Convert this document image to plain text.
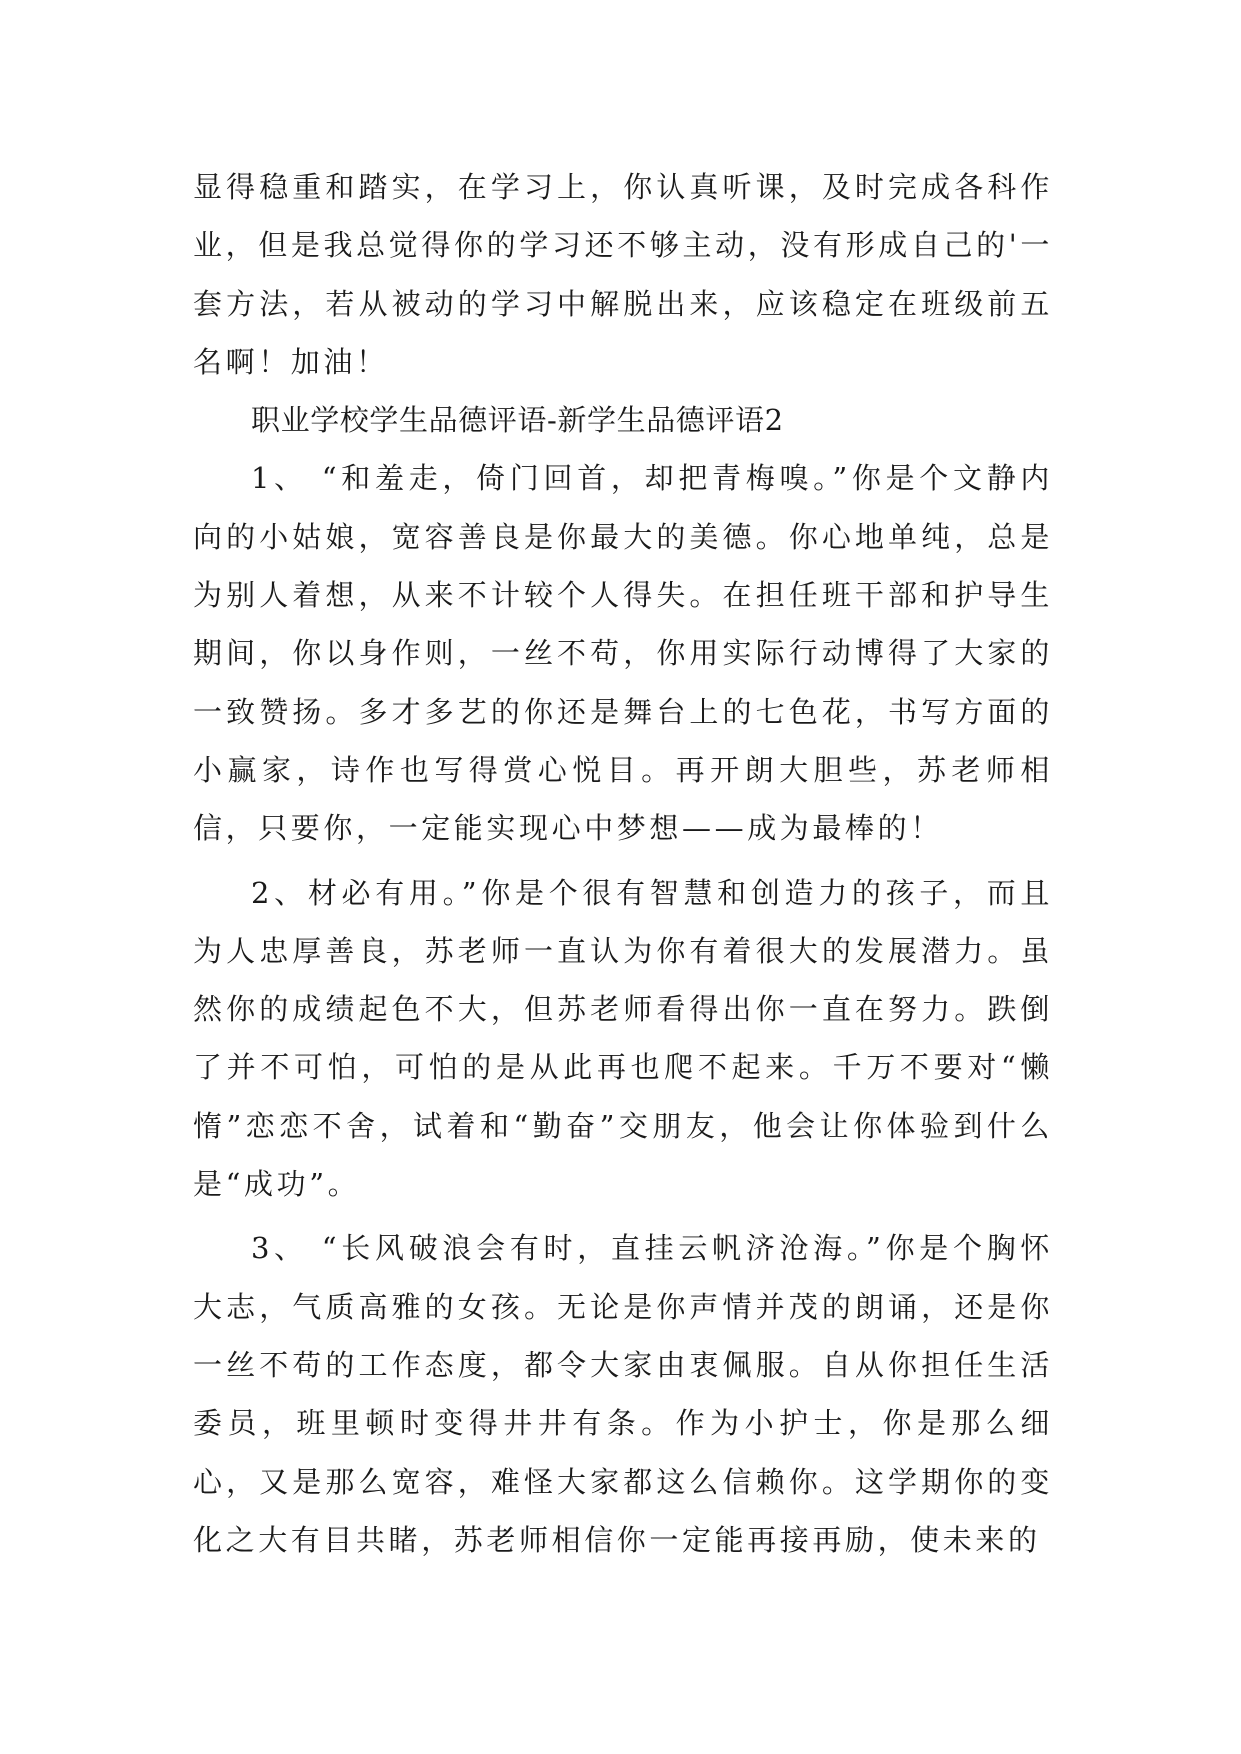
显得稳重和踏实，在学习上，你认真听课，及时完成各科作业，但是我总觉得你的学习还不够主动，没有形成自己的'一套方法，若从被动的学习中解脱出来，应该稳定在班级前五名啊！加油！

职业学校学生品德评语-新学生品德评语2

1、 “和羞走，倚门回首，却把青梅嗅。”你是个文静内向的小姑娘，宽容善良是你最大的美德。你心地单纯，总是为别人着想，从来不计较个人得失。在担任班干部和护导生期间，你以身作则，一丝不苟，你用实际行动博得了大家的一致赞扬。多才多艺的你还是舞台上的七色花，书写方面的小赢家，诗作也写得赏心悦目。再开朗大胆些，苏老师相信，只要你，一定能实现心中梦想——成为最棒的！

2、材必有用。”你是个很有智慧和创造力的孩子，而且为人忠厚善良，苏老师一直认为你有着很大的发展潜力。虽然你的成绩起色不大，但苏老师看得出你一直在努力。跌倒了并不可怕，可怕的是从此再也爬不起来。千万不要对“懒惰”恋恋不舍，试着和“勤奋”交朋友，他会让你体验到什么是“成功”。

3、 “长风破浪会有时，直挂云帆济沧海。”你是个胸怀大志，气质高雅的女孩。无论是你声情并茂的朗诵，还是你一丝不苟的工作态度，都令大家由衷佩服。自从你担任生活委员，班里顿时变得井井有条。作为小护士，你是那么细心，又是那么宽容，难怪大家都这么信赖你。这学期你的变化之大有目共睹，苏老师相信你一定能再接再励，使未来的
